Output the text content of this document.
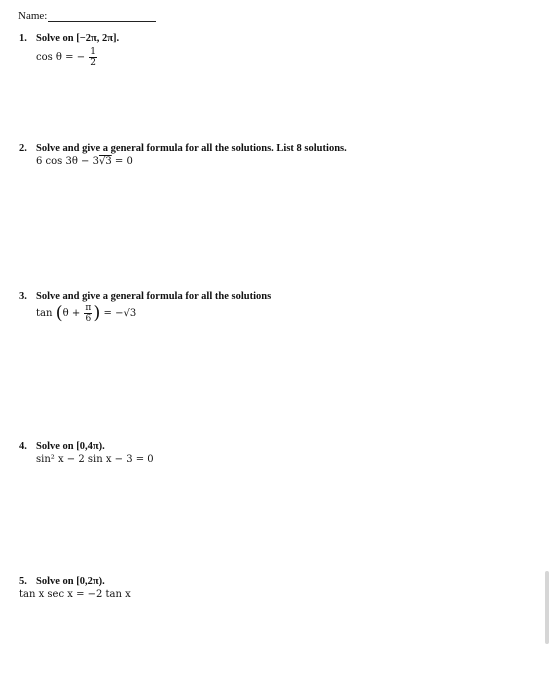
Name:
1. Solve on [−2π, 2π].
cos θ = − $\frac{1}{2}$
2. Solve and give a general formula for all the solutions. List 8 solutions.
6 cos 3θ − 3√3 = 0
3. Solve and give a general formula for all the solutions
$\tan (\theta + \frac{\pi}{6}$ ) = −√3
4. Solve on [0,4π).
sin² x − 2 sin x − 3 = 0
5. Solve on [0,2π).
tan x sec x = −2 tan x
